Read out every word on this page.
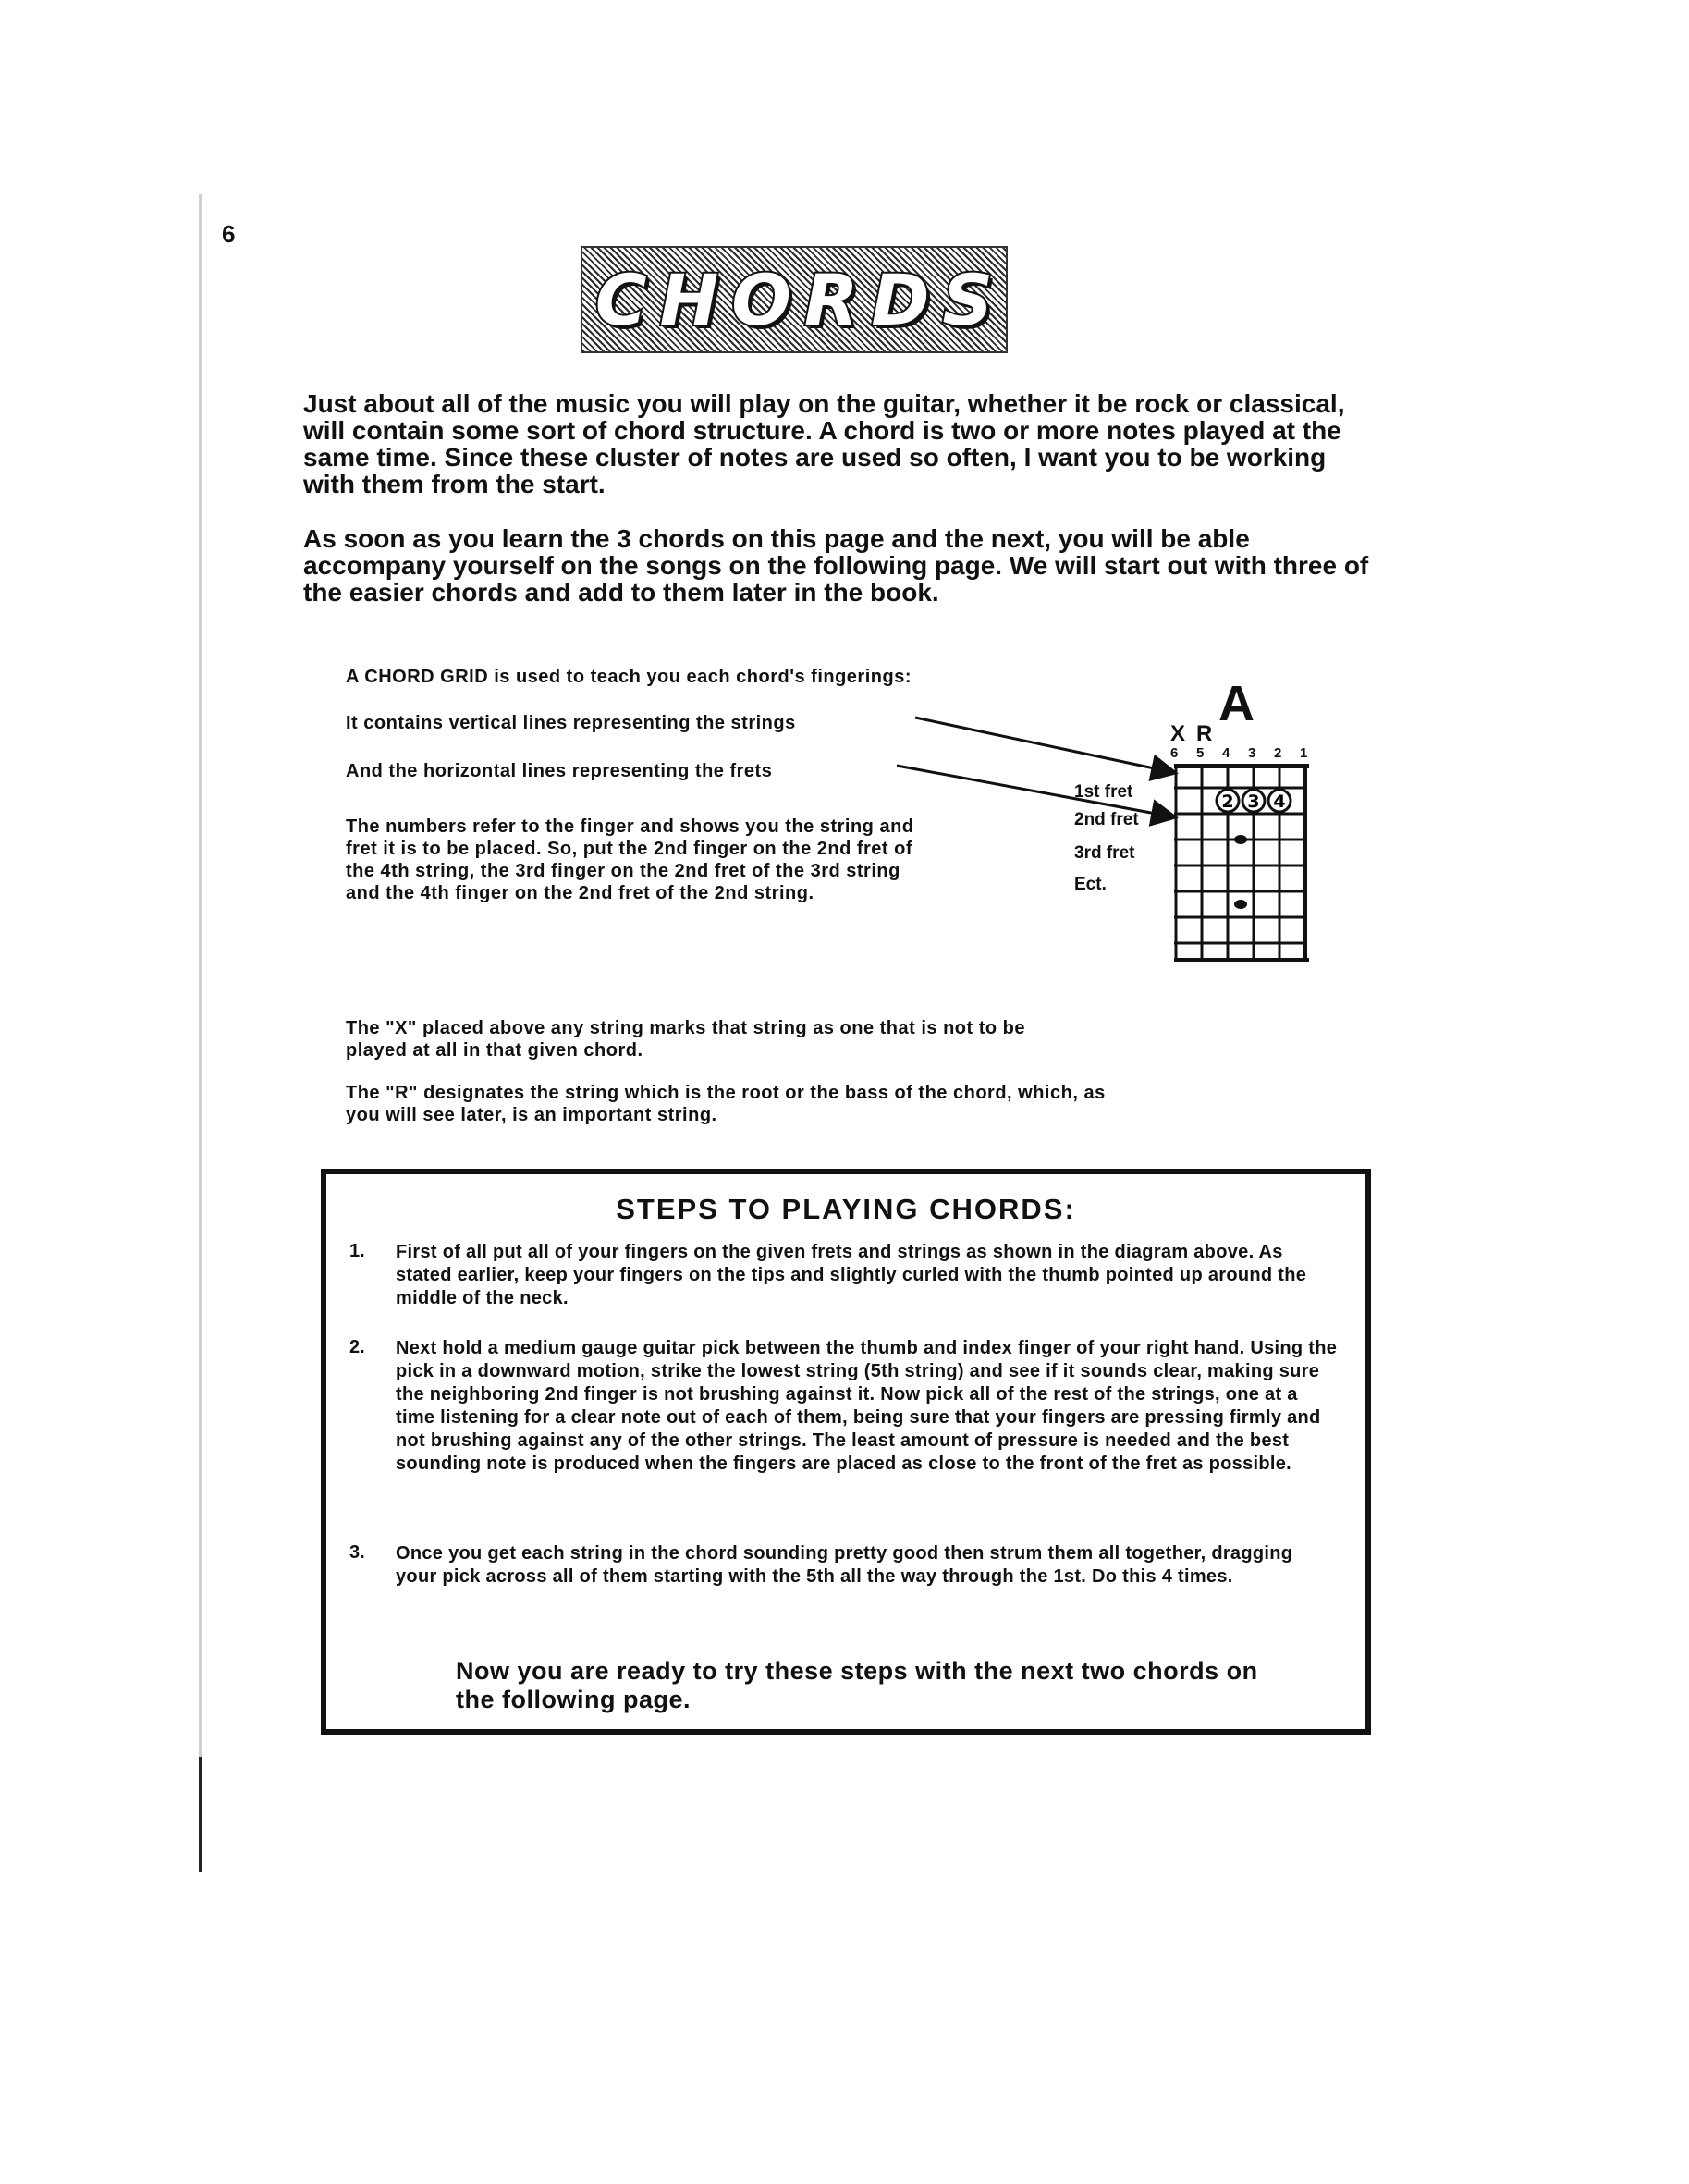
6
CHORDS

Just about all of the music you will play on the guitar, whether it be rock or classical, will contain some sort of chord structure. A chord is two or more notes played at the same time. Since these cluster of notes are used so often, I want you to be working with them from the start.

As soon as you learn the 3 chords on this page and the next, you will be able accompany yourself on the songs on the following page. We will start out with three of the easier chords and add to them later in the book.

A CHORD GRID is used to teach you each chord's fingerings:

It contains vertical lines representing the strings

And the horizontal lines representing the frets

The numbers refer to the finger and shows you the string and fret it is to be placed. So, put the 2nd finger on the 2nd fret of the 4th string, the 3rd finger on the 2nd fret of the 3rd string and the 4th finger on the 2nd fret of the 2nd string.

The "X" placed above any string marks that string as one that is not to be played at all in that given chord.

The "R" designates the string which is the root or the bass of the chord, which, as you will see later, is an important string.

1st fret
2nd fret
3rd fret
Ect.
A
X R
6 5 4 3 2 1
2 3 4
STEPS TO PLAYING CHORDS:
1. First of all put all of your fingers on the given frets and strings as shown in the diagram above. As stated earlier, keep your fingers on the tips and slightly curled with the thumb pointed up around the middle of the neck.

2. Next hold a medium gauge guitar pick between the thumb and index finger of your right hand. Using the pick in a downward motion, strike the lowest string (5th string) and see if it sounds clear, making sure the neighboring 2nd finger is not brushing against it. Now pick all of the rest of the strings, one at a time listening for a clear note out of each of them, being sure that your fingers are pressing firmly and not brushing against any of the other strings. The least amount of pressure is needed and the best sounding note is produced when the fingers are placed as close to the front of the fret as possible.

3. Once you get each string in the chord sounding pretty good then strum them all together, dragging your pick across all of them starting with the 5th all the way through the 1st. Do this 4 times.

Now you are ready to try these steps with the next two chords on the following page.
